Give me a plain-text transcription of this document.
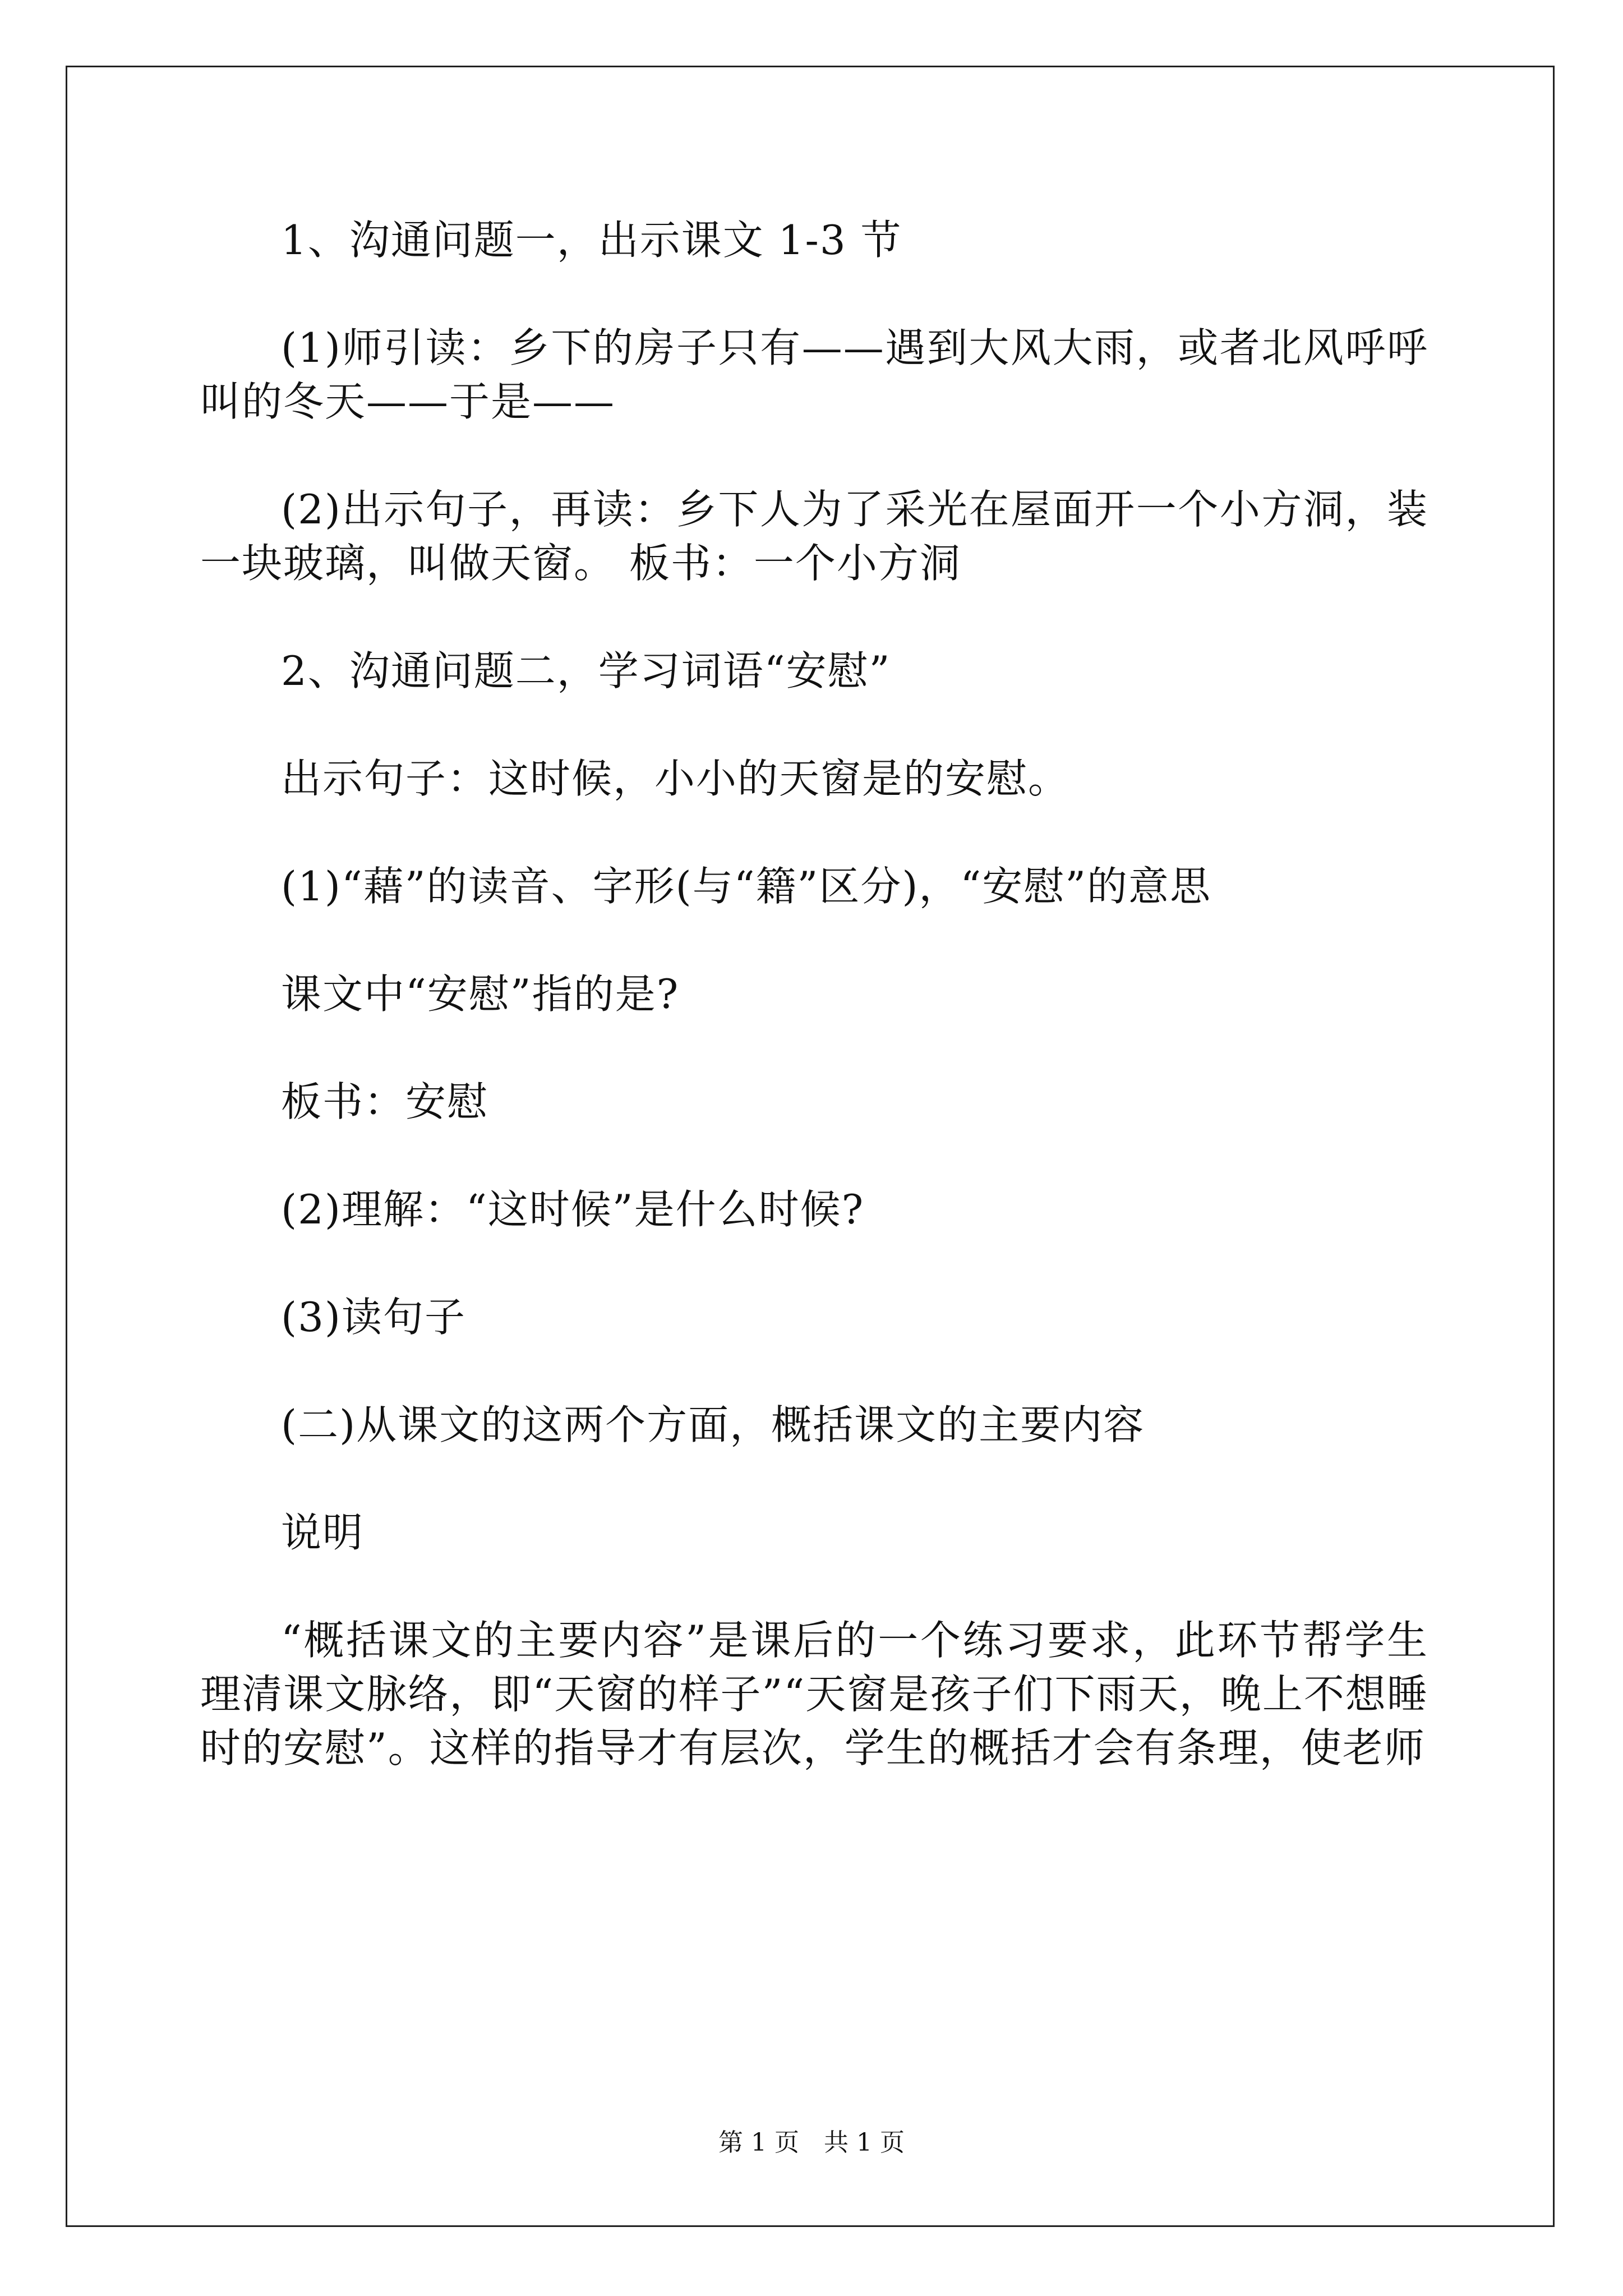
1、沟通问题一，出示课文 1-3 节

(1)师引读：乡下的房子只有——遇到大风大雨，或者北风呼呼叫的冬天——于是——

(2)出示句子，再读：乡下人为了采光在屋面开一个小方洞，装一块玻璃，叫做天窗。 板书：一个小方洞

2、沟通问题二，学习词语“安慰”

出示句子：这时候，小小的天窗是的安慰。

(1)“藉”的读音、字形(与“籍”区分)，“安慰”的意思

课文中“安慰”指的是?

板书：安慰

(2)理解：“这时候”是什么时候?

(3)读句子

(二)从课文的这两个方面，概括课文的主要内容

说明

“概括课文的主要内容”是课后的一个练习要求，此环节帮学生理清课文脉络，即“天窗的样子”“天窗是孩子们下雨天，晚上不想睡时的安慰”。这样的指导才有层次，学生的概括才会有条理，使老师

第 1 页　共 1 页
